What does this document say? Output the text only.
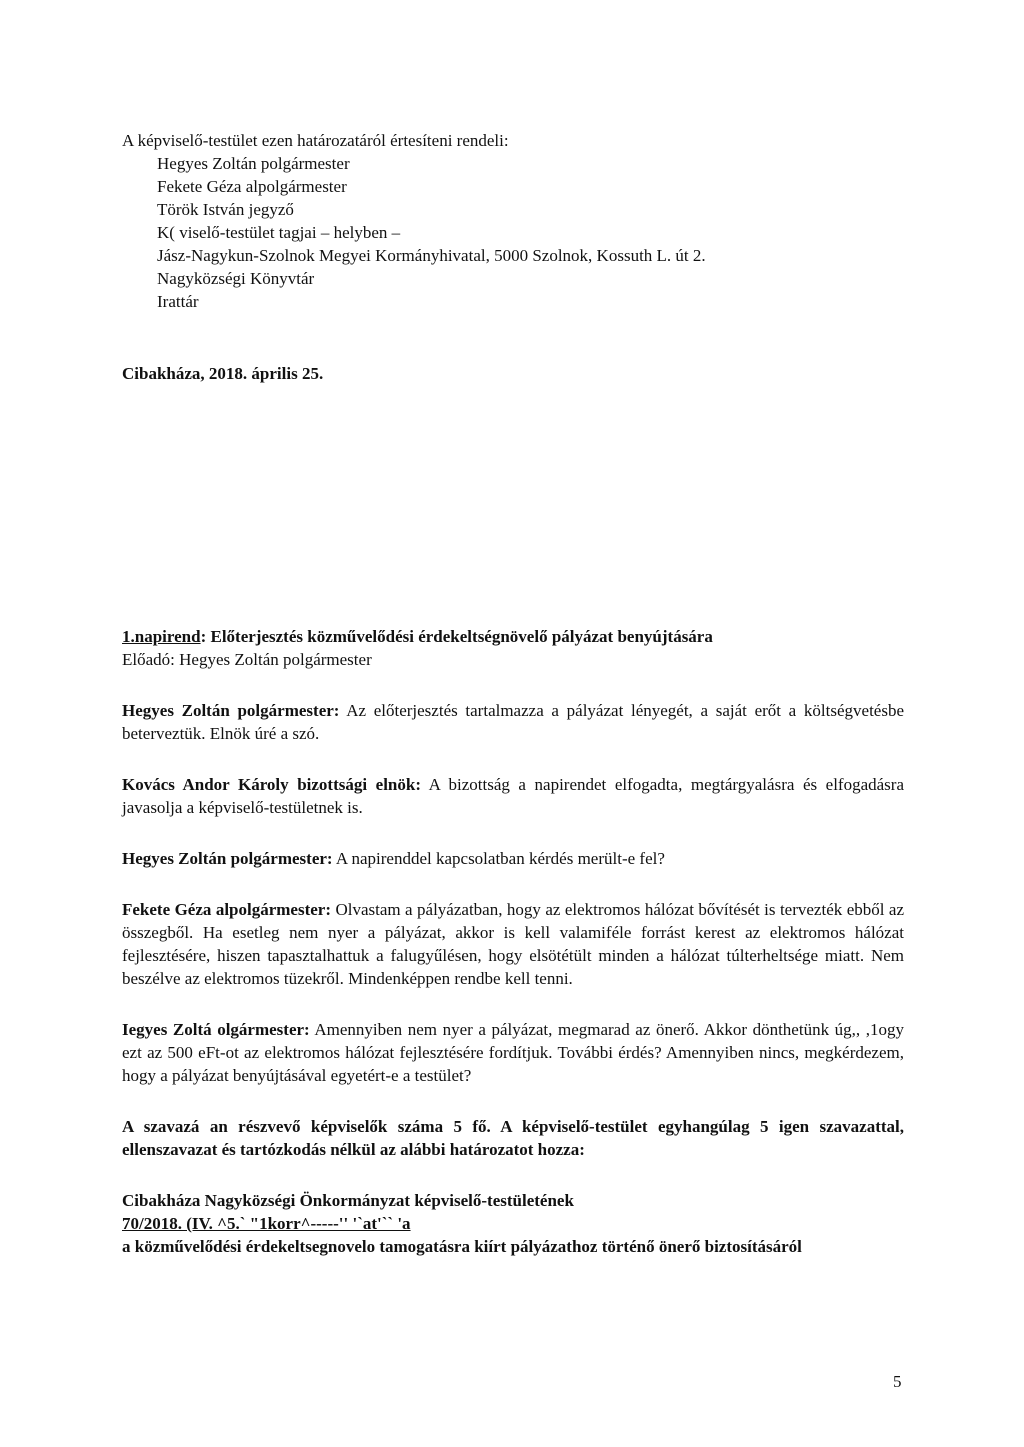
A képviselő-testület ezen határozatáról értesíteni rendeli:
Hegyes Zoltán polgármester
Fekete Géza alpolgármester
Török István jegyző
K( viselő-testület tagjai – helyben –
Jász-Nagykun-Szolnok Megyei Kormányhivatal, 5000 Szolnok, Kossuth L. út 2.
Nagyközségi Könyvtár
Irattár
Cibakháza, 2018. április 25.
1.napirend: Előterjesztés közművelődési érdekeltségnövelő pályázat benyújtására
Előadó: Hegyes Zoltán polgármester

Hegyes Zoltán polgármester: Az előterjesztés tartalmazza a pályázat lényegét, a saját erőt a költségvetésbe beterveztük. Elnök úré a szó.

Kovács Andor Károly bizottsági elnök: A bizottság a napirendet elfogadta, megtárgyalásra és elfogadásra javasolja a képviselő-testületnek is.

Hegyes Zoltán polgármester: A napirenddel kapcsolatban kérdés merült-e fel?

Fekete Géza alpolgármester: Olvastam a pályázatban, hogy az elektromos hálózat bővítését is tervezték ebből az összegből. Ha esetleg nem nyer a pályázat, akkor is kell valamiféle forrást kerest az elektromos hálózat fejlesztésére, hiszen tapasztalhattuk a falugyűlésen, hogy elsötétült minden a hálózat túlterheltsége miatt. Nem beszélve az elektromos tüzekről. Mindenképpen rendbe kell tenni.

Iegyes Zoltá olgármester: Amennyiben nem nyer a pályázat, megmarad az önerő. Akkor dönthetünk úg,, ,1ogy ezt az 500 eFt-ot az elektromos hálózat fejlesztésére fordítjuk. További érdés? Amennyiben nincs, megkérdezem, hogy a pályázat benyújtásával egyetért-e a testület?

A szavazá an részvevő képviselők száma 5 fő. A képviselő-testület egyhangúlag 5 igen szavazattal, ellenszavazat és tartózkodás nélkül az alábbi határozatot hozza:

Cibakháza Nagyközségi Önkormányzat képviselő-testületének

70/2018. (IV. ^5.` "1korr^-----'' '`at'`` 'a

a közművelődési érdekeltsegnovelo tamogatásra kiírt pályázathoz történő önerő biztosításáról

5
